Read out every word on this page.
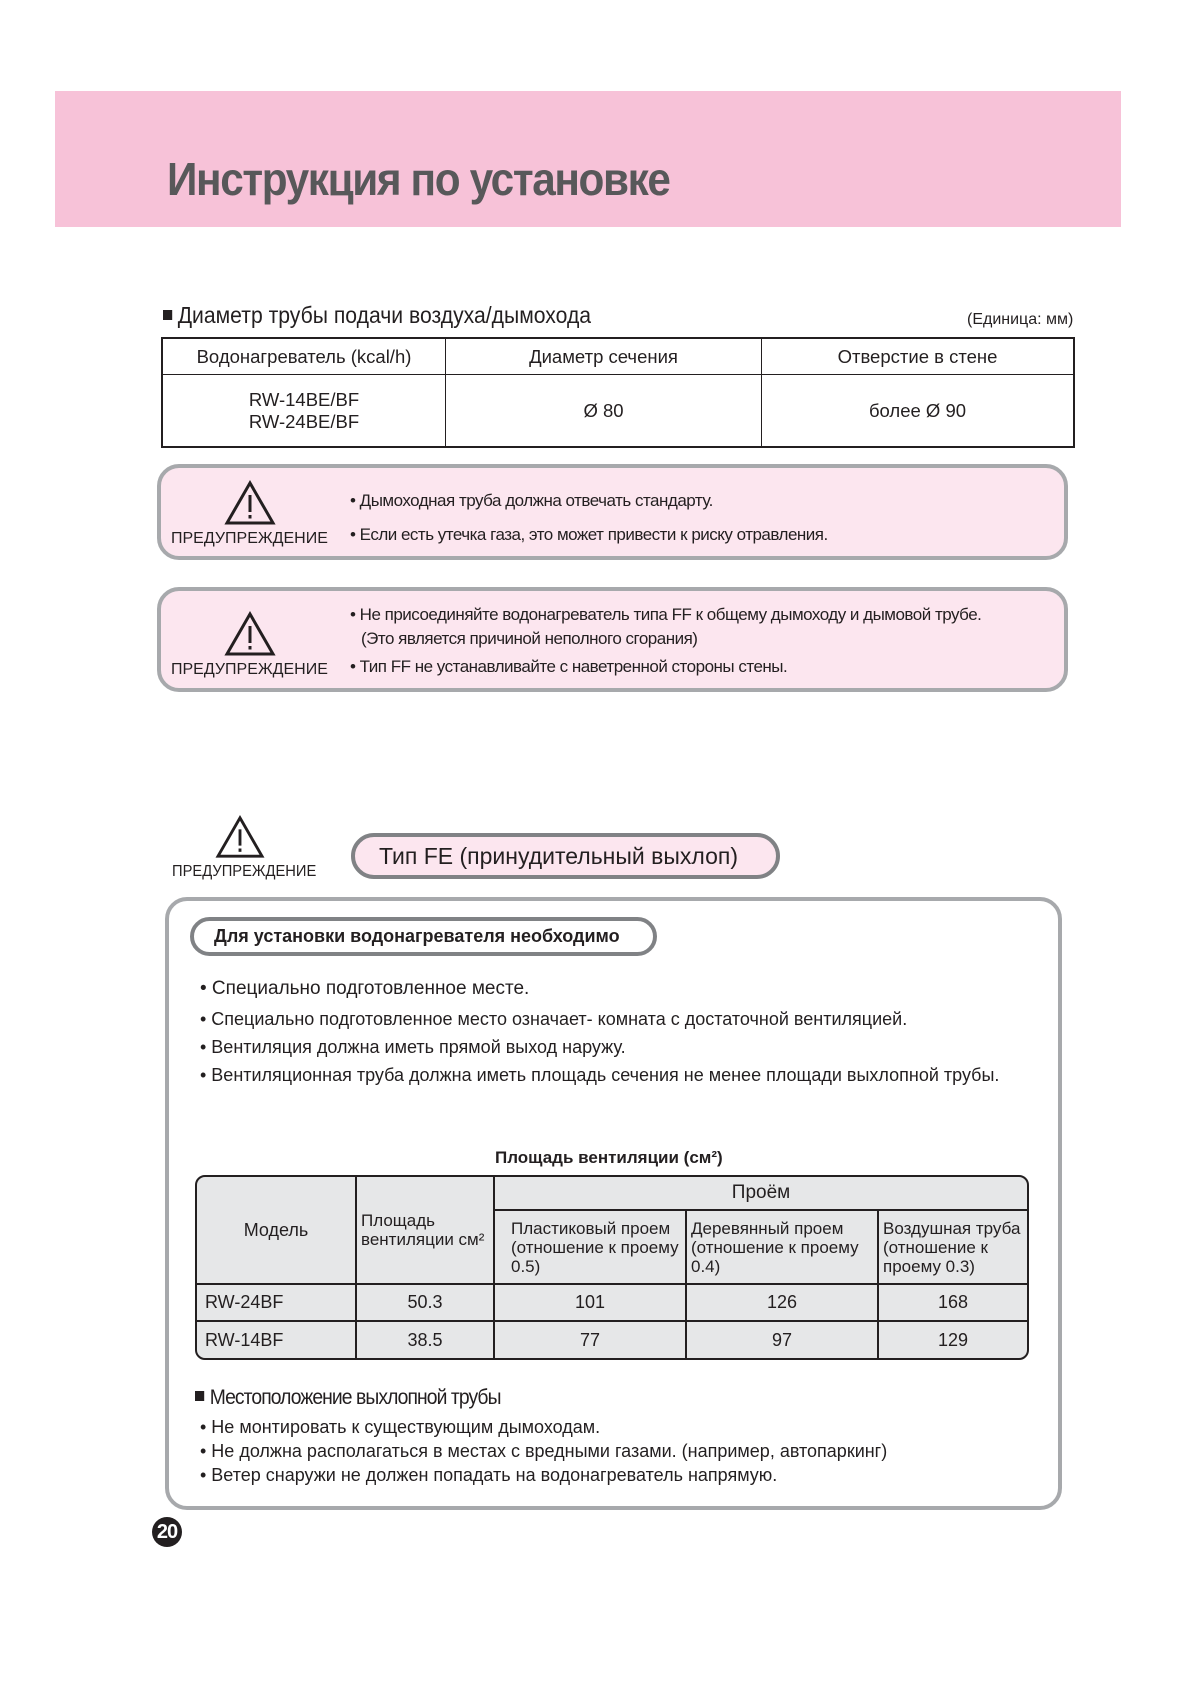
Инструкция по установке
Диаметр трубы подачи воздуха/дымохода	(Единица: мм)
Водонагреватель (kcal/h)	Диаметр сечения	Отверстие в стене

RW-14BE/BF
RW-24BE/BF	Ø 80	более Ø 90
ПРЕДУПРЕЖДЕНИЕ
• Дымоходная труба должна отвечать стандарту.
• Если есть утечка газа, это может привести к риску отравления.
ПРЕДУПРЕЖДЕНИЕ
• Не присоединяйте водонагреватель типа FF к общему дымоходу и дымовой трубе.
(Это является причиной неполного сгорания)
• Тип FF не устанавливайте с наветренной стороны стены.
ПРЕДУПРЕЖДЕНИЕ
Тип FE (принудительный выхлоп)
Для установки водонагревателя необходимо
• Специально подготовленное месте.
• Специально подготовленное место означает- комната с достаточной вентиляцией.
• Вентиляция должна иметь прямой выход наружу.
• Вентиляционная труба должна иметь площадь сечения не менее площади выхлопной трубы.
Площадь вентиляции (см²)
Модель	Площадь вентиляции см²	Проём		
		Пластиковый проем (отношение к проему 0.5)	Деревянный проем (отношение к проему 0.4)	Воздушная труба (отношение к проему 0.3)
RW-24BF	50.3	101	126	168
RW-14BF	38.5	77	97	129
Местоположение выхлопной трубы
• Не монтировать к существующим дымоходам.
• Не должна располагаться в местах с вредными газами. (например, автопаркинг)
• Ветер снаружи не должен попадать на водонагреватель напрямую.
20
